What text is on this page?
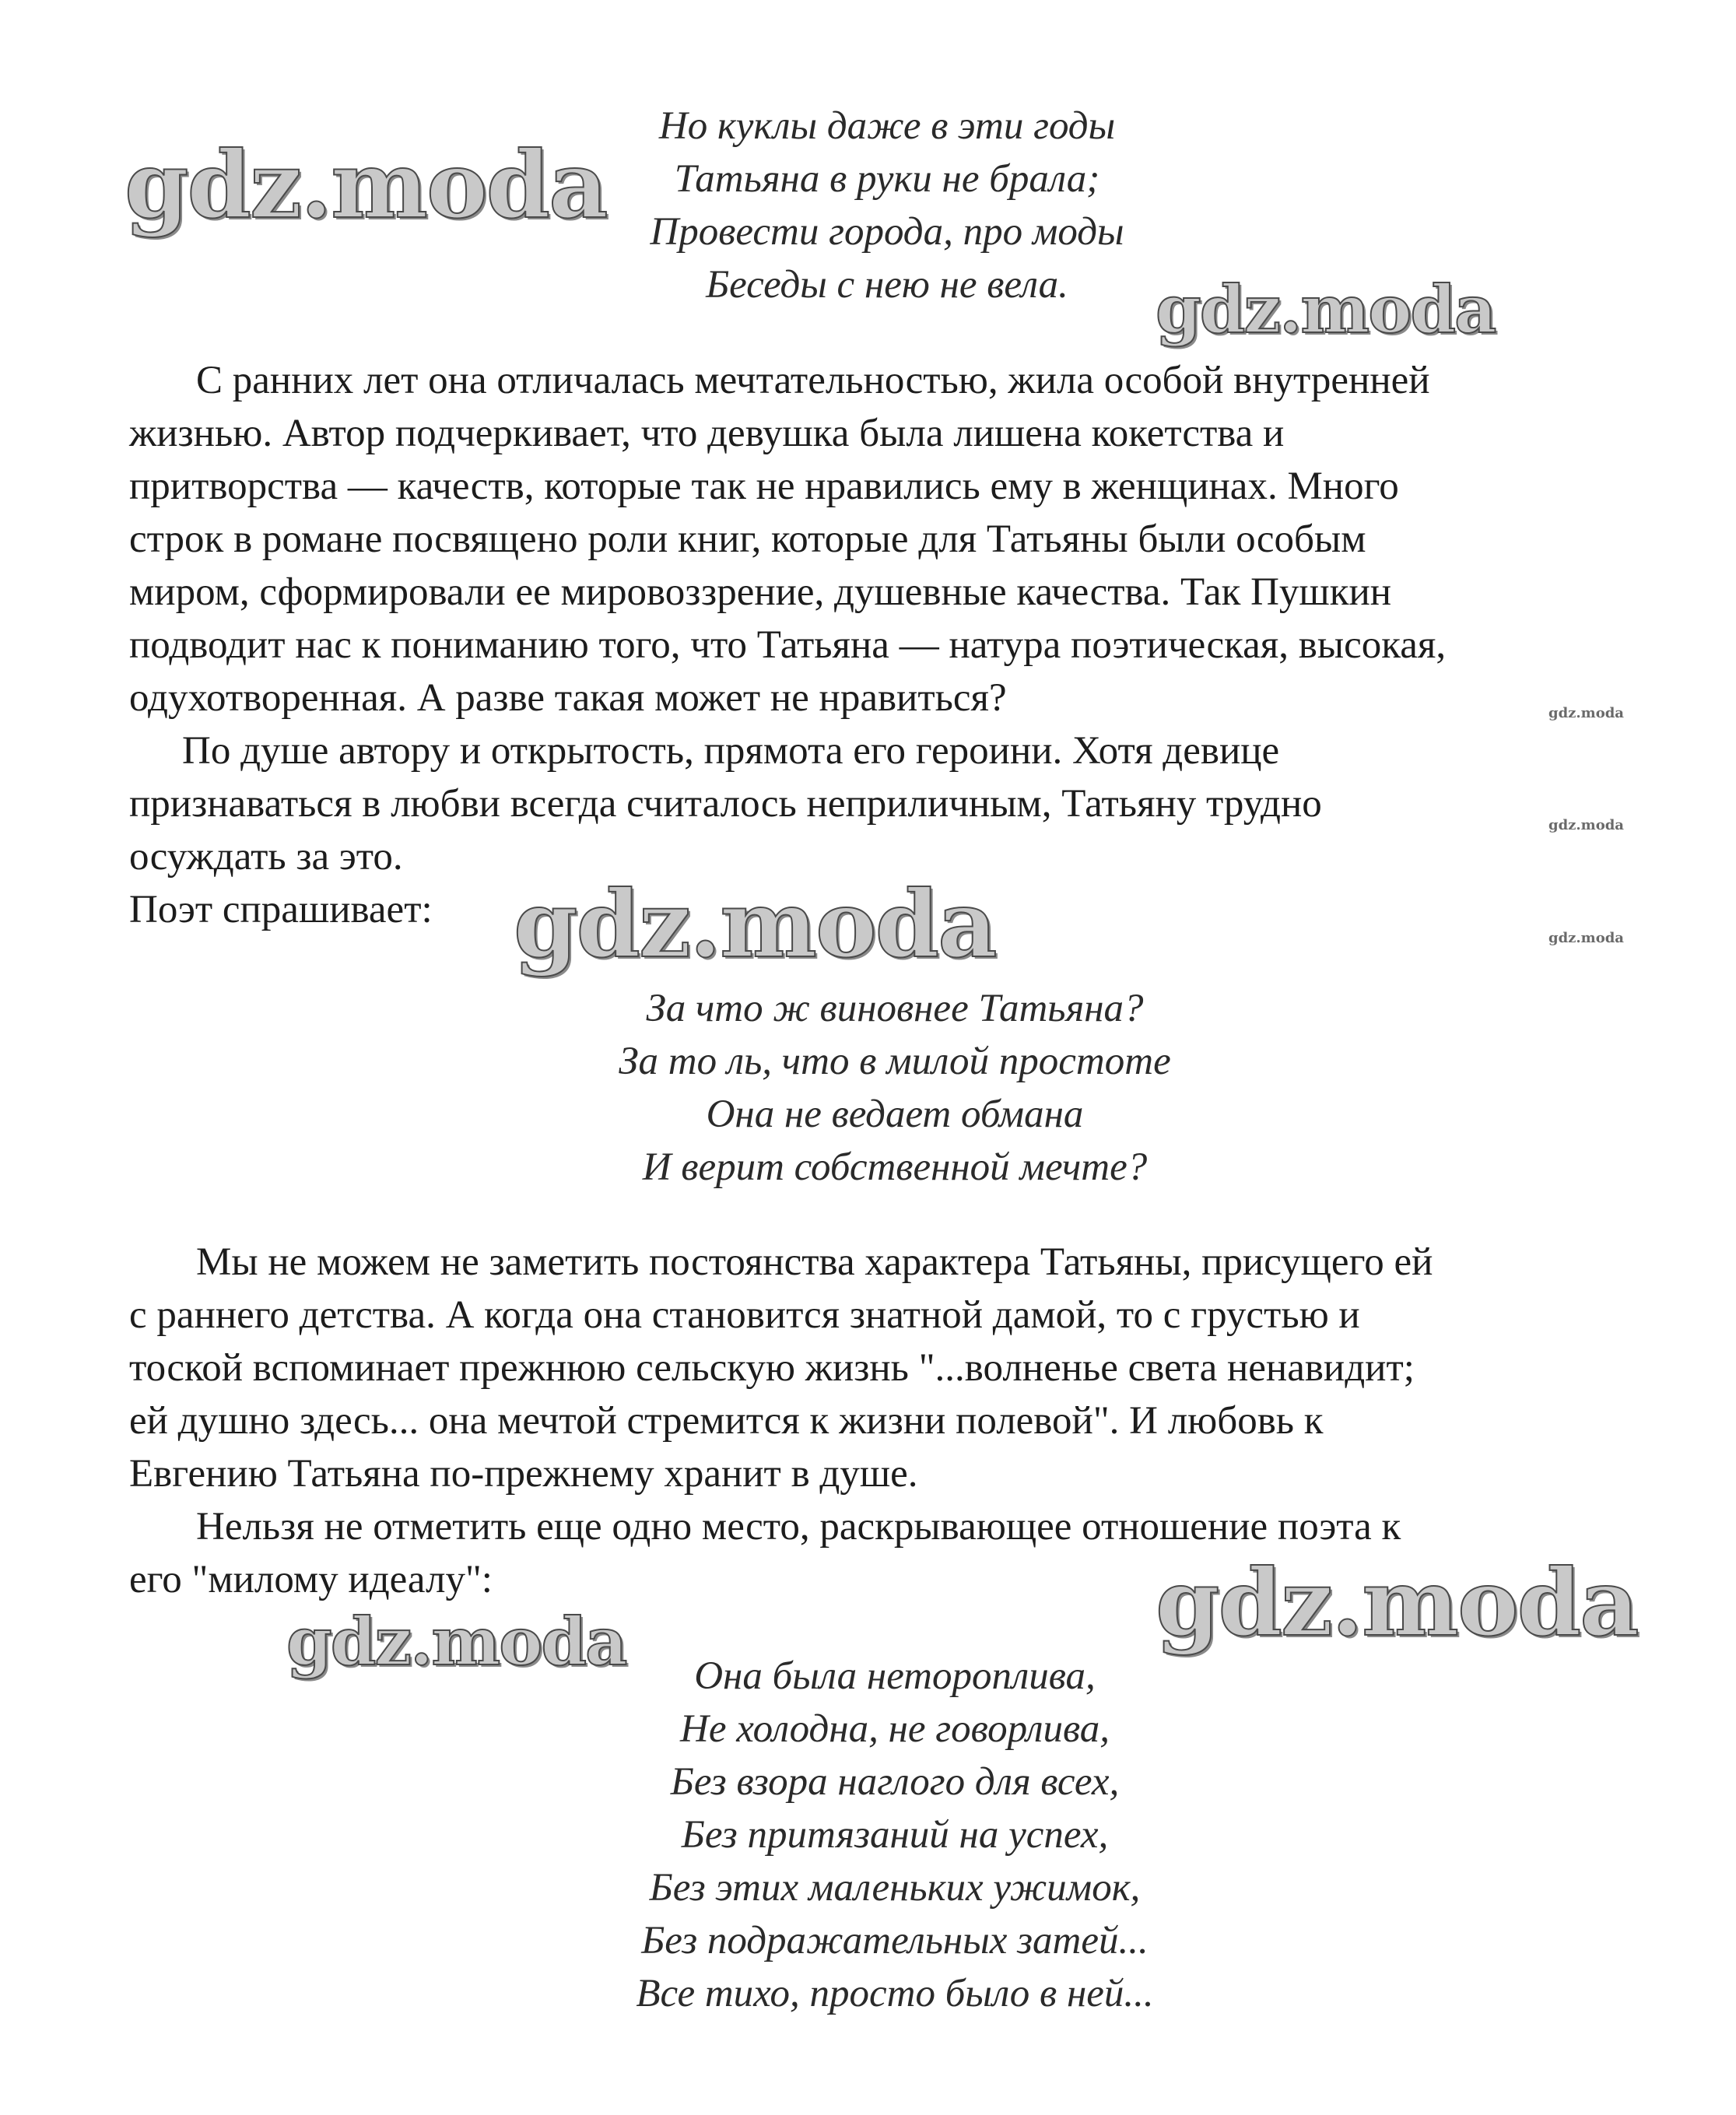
gdz.moda
gdz.moda
gdz.moda
gdz.moda
gdz.moda
gdz.moda
gdz.moda
gdz.moda
Но куклы даже в эти годы
Татьяна в руки не брала;
Провести города, про моды
Беседы с нею не вела.
С ранних лет она отличалась мечтательностью, жила особой внутренней
жизнью. Автор подчеркивает, что девушка была лишена кокетства и
притворства — качеств, которые так не нравились ему в женщинах. Много
строк в романе посвящено роли книг, которые для Татьяны были особым
миром, сформировали ее мировоззрение, душевные качества. Так Пушкин
подводит нас к пониманию того, что Татьяна — натура поэтическая, высокая,
одухотворенная. А разве такая может не нравиться?
По душе автору и открытость, прямота его героини. Хотя девице
признаваться в любви всегда считалось неприличным, Татьяну трудно
осуждать за это.
Поэт спрашивает:
За что ж виновнее Татьяна?
За то ль, что в милой простоте
Она не ведает обмана
И верит собственной мечте?
Мы не можем не заметить постоянства характера Татьяны, присущего ей
с раннего детства. А когда она становится знатной дамой, то с грустью и
тоской вспоминает прежнюю сельскую жизнь "...волненье света ненавидит;
ей душно здесь... она мечтой стремится к жизни полевой". И любовь к
Евгению Татьяна по-прежнему хранит в душе.
Нельзя не отметить еще одно место, раскрывающее отношение поэта к
его "милому идеалу":
Она была нетороплива,
Не холодна, не говорлива,
Без взора наглого для всех,
Без притязаний на успех,
Без этих маленьких ужимок,
Без подражательных затей...
Все тихо, просто было в ней...
